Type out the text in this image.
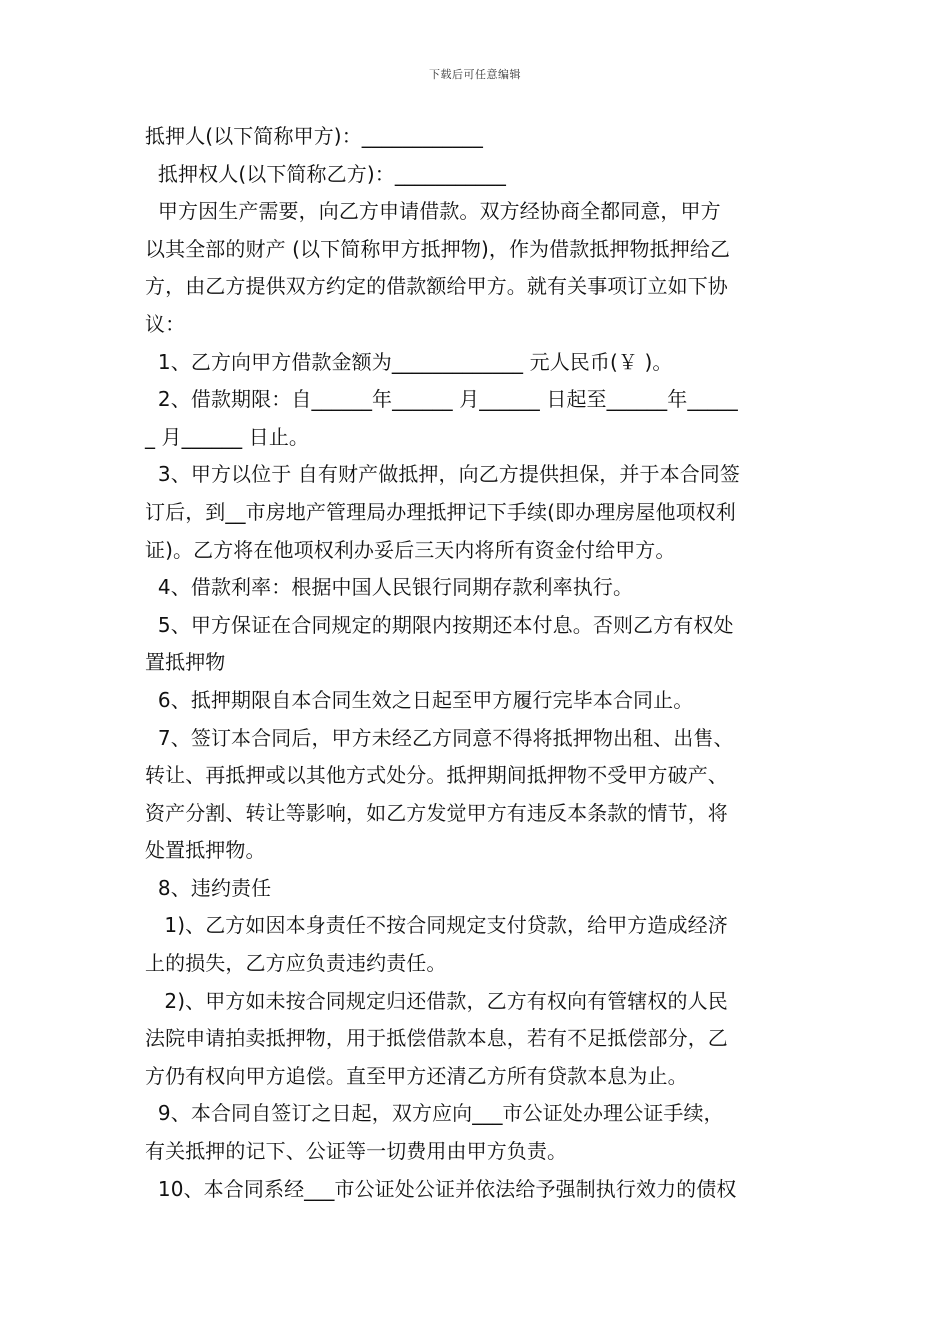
下载后可任意编辑

抵押人(以下简称甲方)：____________

抵押权人(以下简称乙方)：___________

甲方因生产需要，向乙方申请借款。双方经协商全都同意，甲方

以其全部的财产 (以下简称甲方抵押物)，作为借款抵押物抵押给乙

方，由乙方提供双方约定的借款额给甲方。就有关事项订立如下协

议：

1、乙方向甲方借款金额为_____________ 元人民币(￥ )。

2、借款期限：自______年______ 月______ 日起至______年_____

_ 月______ 日止。

3、甲方以位于 自有财产做抵押，向乙方提供担保，并于本合同签

订后，到__市房地产管理局办理抵押记下手续(即办理房屋他项权利

证)。乙方将在他项权利办妥后三天内将所有资金付给甲方。

4、借款利率：根据中国人民银行同期存款利率执行。

5、甲方保证在合同规定的期限内按期还本付息。否则乙方有权处

置抵押物

6、抵押期限自本合同生效之日起至甲方履行完毕本合同止。

7、签订本合同后，甲方未经乙方同意不得将抵押物出租、出售、

转让、再抵押或以其他方式处分。抵押期间抵押物不受甲方破产、

资产分割、转让等影响，如乙方发觉甲方有违反本条款的情节，将

处置抵押物。

8、违约责任

1)、乙方如因本身责任不按合同规定支付贷款，给甲方造成经济

上的损失，乙方应负责违约责任。

2)、甲方如未按合同规定归还借款，乙方有权向有管辖权的人民

法院申请拍卖抵押物，用于抵偿借款本息，若有不足抵偿部分，乙

方仍有权向甲方追偿。直至甲方还清乙方所有贷款本息为止。

9、本合同自签订之日起，双方应向___市公证处办理公证手续，

有关抵押的记下、公证等一切费用由甲方负责。

10、本合同系经___市公证处公证并依法给予强制执行效力的债权
